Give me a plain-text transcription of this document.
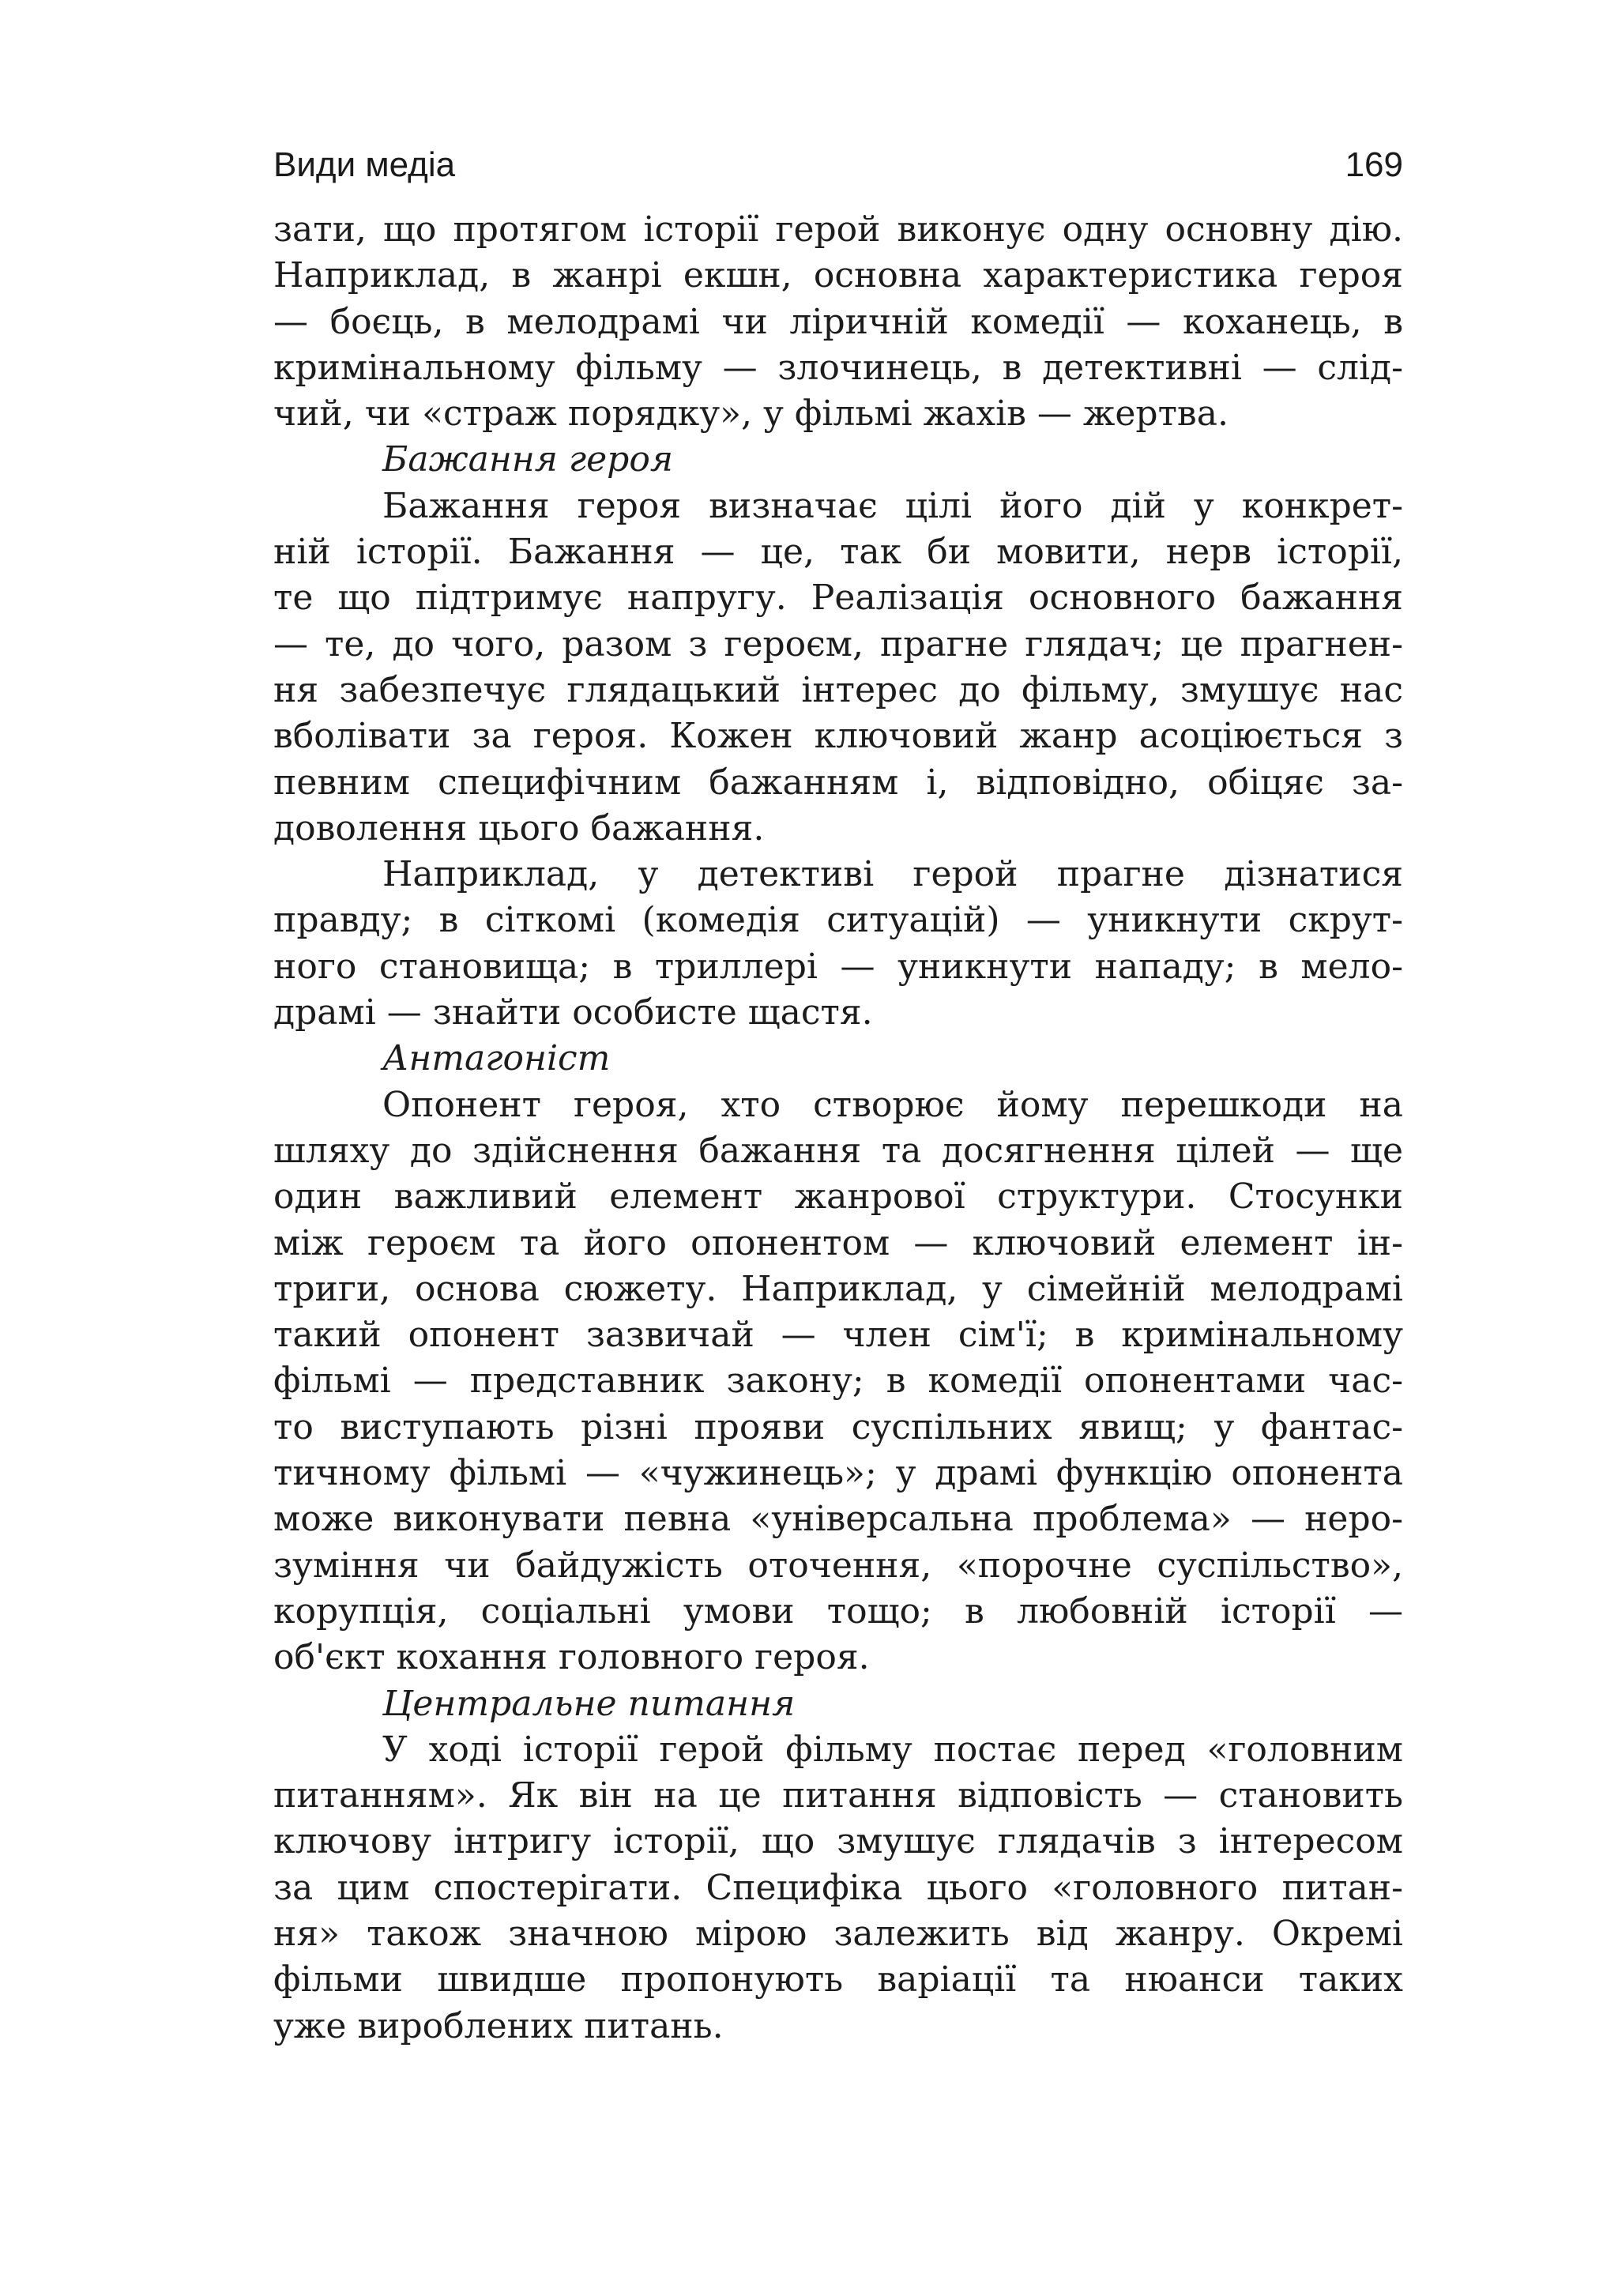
Види медіа	169
зати, що протягом історії герой виконує одну основну дію.
Наприклад, в жанрі екшн, основна характеристика героя
— боєць, в мелодрамі чи ліричній комедії — коханець, в
кримінальному фільму — злочинець, в детективні — слід-
чий, чи «страж порядку», у фільмі жахів — жертва.
Бажання героя
Бажання героя визначає цілі його дій у конкрет-
ній історії. Бажання — це, так би мовити, нерв історії,
те що підтримує напругу. Реалізація основного бажання
— те, до чого, разом з героєм, прагне глядач; це прагнен-
ня забезпечує глядацький інтерес до фільму, змушує нас
вболівати за героя. Кожен ключовий жанр асоціюється з
певним специфічним бажанням і, відповідно, обіцяє за-
доволення цього бажання.
Наприклад, у детективі герой прагне дізнатися
правду; в сіткомі (комедія ситуацій) — уникнути скрут-
ного становища; в триллері — уникнути нападу; в мело-
драмі — знайти особисте щастя.
Антагоніст
Опонент героя, хто створює йому перешкоди на
шляху до здійснення бажання та досягнення цілей — ще
один важливий елемент жанрової структури. Стосунки
між героєм та його опонентом — ключовий елемент ін-
триги, основа сюжету. Наприклад, у сімейній мелодрамі
такий опонент зазвичай — член сім'ї; в кримінальному
фільмі — представник закону; в комедії опонентами час-
то виступають різні прояви суспільних явищ; у фантас-
тичному фільмі — «чужинець»; у драмі функцію опонента
може виконувати певна «універсальна проблема» — неро-
зуміння чи байдужість оточення, «порочне суспільство»,
корупція, соціальні умови тощо; в любовній історії —
об'єкт кохання головного героя.
Центральне питання
У ході історії герой фільму постає перед «головним
питанням». Як він на це питання відповість — становить
ключову інтригу історії, що змушує глядачів з інтересом
за цим спостерігати. Специфіка цього «головного питан-
ня» також значною мірою залежить від жанру. Окремі
фільми швидше пропонують варіації та нюанси таких
уже вироблених питань.
